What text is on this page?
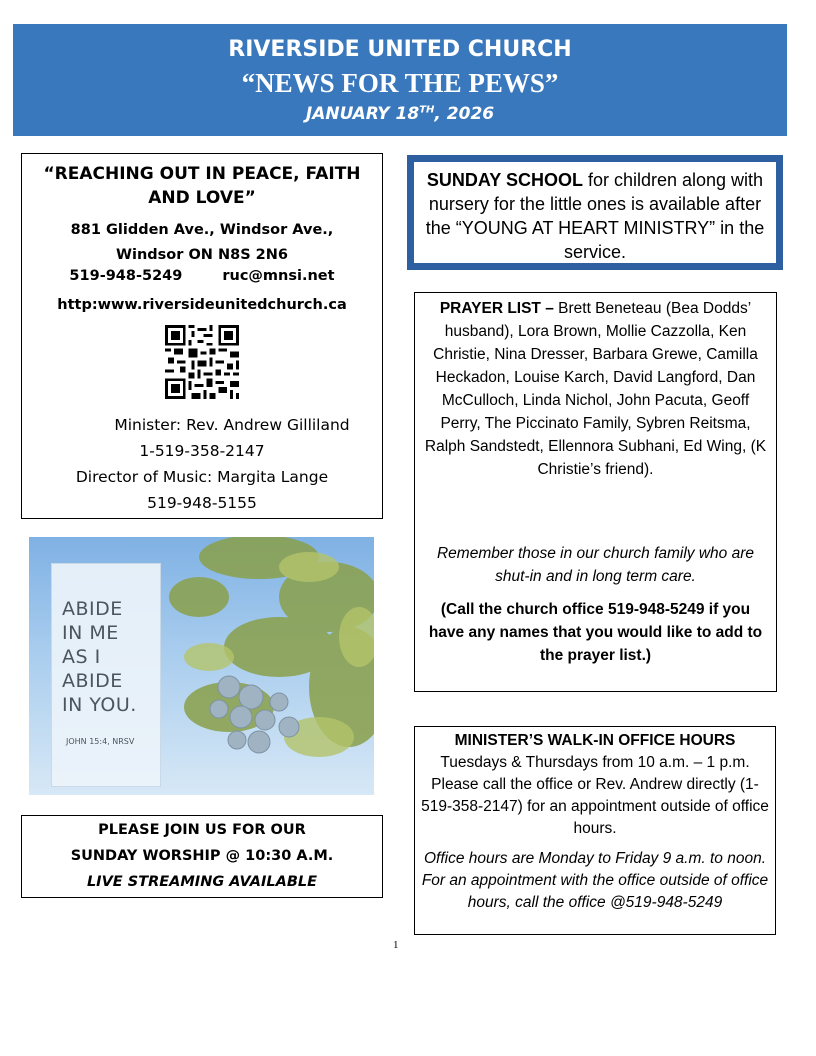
RIVERSIDE UNITED CHURCH
“NEWS FOR THE PEWS”
JANUARY 18TH, 2026
“REACHING OUT IN PEACE, FAITH AND LOVE”
881 Glidden Ave., Windsor Ave.,
Windsor ON N8S 2N6
519-948-5249	ruc@mnsi.net
http:www.riversideunitedchurch.ca
Minister: Rev. Andrew Gilliland
1-519-358-2147
Director of Music: Margita Lange
519-948-5155
ABIDE
IN ME
AS I
ABIDE
IN YOU.
JOHN 15:4, NRSV
PLEASE JOIN US FOR OUR
SUNDAY WORSHIP @ 10:30 A.M.
LIVE STREAMING AVAILABLE
SUNDAY SCHOOL for children along with nursery for the little ones is available after the “YOUNG AT HEART MINISTRY” in the service.
PRAYER LIST – Brett Beneteau (Bea Dodds’ husband), Lora Brown, Mollie Cazzolla, Ken Christie, Nina Dresser, Barbara Grewe, Camilla Heckadon, Louise Karch, David Langford, Dan McCulloch, Linda Nichol, John Pacuta, Geoff Perry, The Piccinato Family, Sybren Reitsma, Ralph Sandstedt, Ellennora Subhani, Ed Wing, (K Christie’s friend).
Remember those in our church family who are shut-in and in long term care.
(Call the church office 519-948-5249 if you have any names that you would like to add to the prayer list.)
MINISTER’S WALK-IN OFFICE HOURS
Tuesdays & Thursdays from 10 a.m. – 1 p.m. Please call the office or Rev. Andrew directly (1-519-358-2147) for an appointment outside of office hours.
Office hours are Monday to Friday 9 a.m. to noon. For an appointment with the office outside of office hours, call the office @519-948-5249
1
